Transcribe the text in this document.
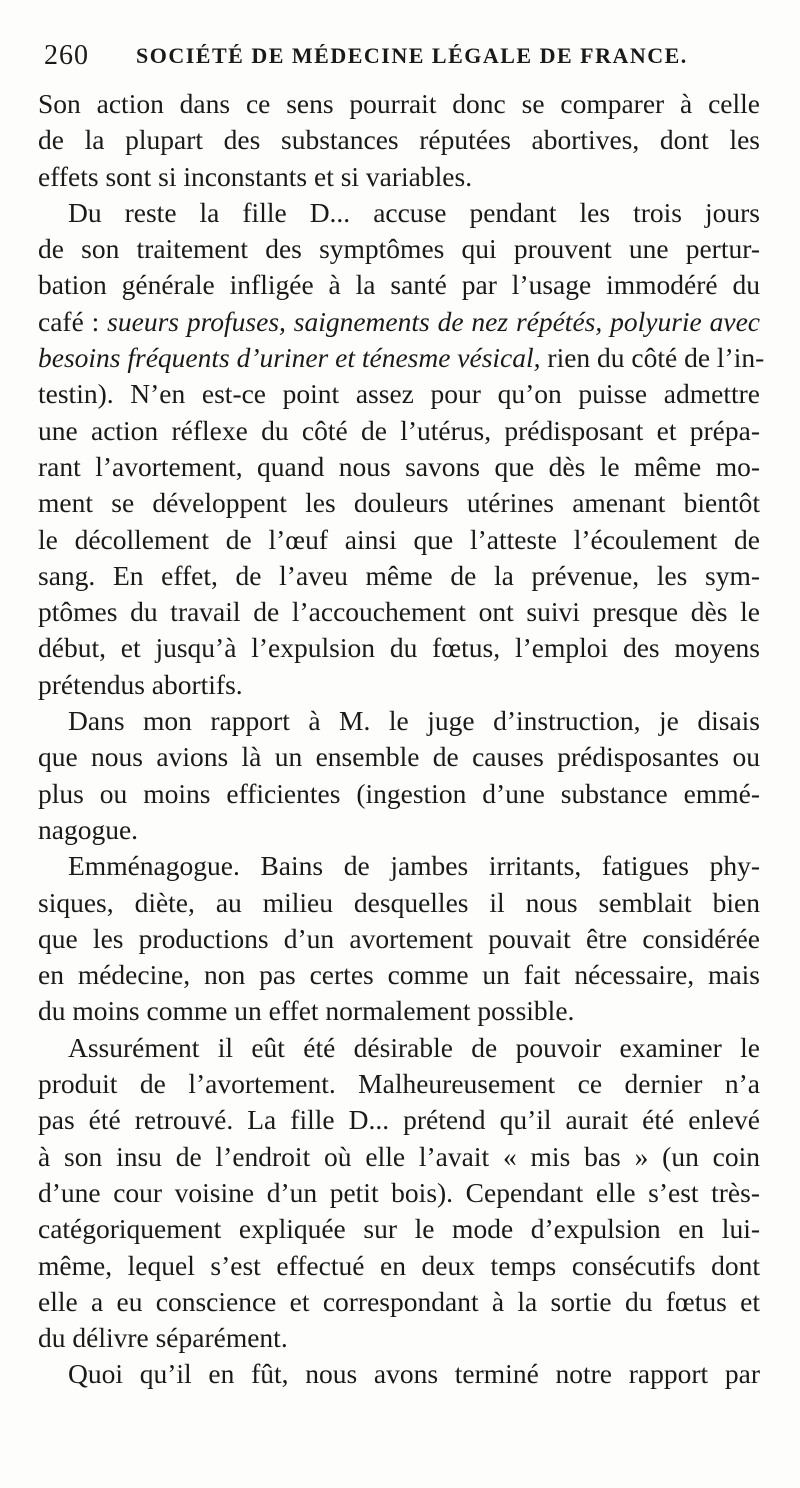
260 SOCIÉTÉ DE MÉDECINE LÉGALE DE FRANCE.
Son action dans ce sens pourrait donc se comparer à celle
de la plupart des substances réputées abortives, dont les
effets sont si inconstants et si variables.
Du reste la fille D... accuse pendant les trois jours
de son traitement des symptômes qui prouvent une pertur-
bation générale infligée à la santé par l’usage immodéré du
café : sueurs profuses, saignements de nez répétés, polyurie avec
besoins fréquents d’uriner et ténesme vésical, rien du côté de l’in-
testin). N’en est-ce point assez pour qu’on puisse admettre
une action réflexe du côté de l’utérus, prédisposant et prépa-
rant l’avortement, quand nous savons que dès le même mo-
ment se développent les douleurs utérines amenant bientôt
le décollement de l’œuf ainsi que l’atteste l’écoulement de
sang. En effet, de l’aveu même de la prévenue, les sym-
ptômes du travail de l’accouchement ont suivi presque dès le
début, et jusqu’à l’expulsion du fœtus, l’emploi des moyens
prétendus abortifs.
Dans mon rapport à M. le juge d’instruction, je disais
que nous avions là un ensemble de causes prédisposantes ou
plus ou moins efficientes (ingestion d’une substance emmé-
nagogue.
Emménagogue. Bains de jambes irritants, fatigues phy-
siques, diète, au milieu desquelles il nous semblait bien
que les productions d’un avortement pouvait être considérée
en médecine, non pas certes comme un fait nécessaire, mais
du moins comme un effet normalement possible.
Assurément il eût été désirable de pouvoir examiner le
produit de l’avortement. Malheureusement ce dernier n’a
pas été retrouvé. La fille D... prétend qu’il aurait été enlevé
à son insu de l’endroit où elle l’avait « mis bas » (un coin
d’une cour voisine d’un petit bois). Cependant elle s’est très-
catégoriquement expliquée sur le mode d’expulsion en lui-
même, lequel s’est effectué en deux temps consécutifs dont
elle a eu conscience et correspondant à la sortie du fœtus et
du délivre séparément.
Quoi qu’il en fût, nous avons terminé notre rapport par
